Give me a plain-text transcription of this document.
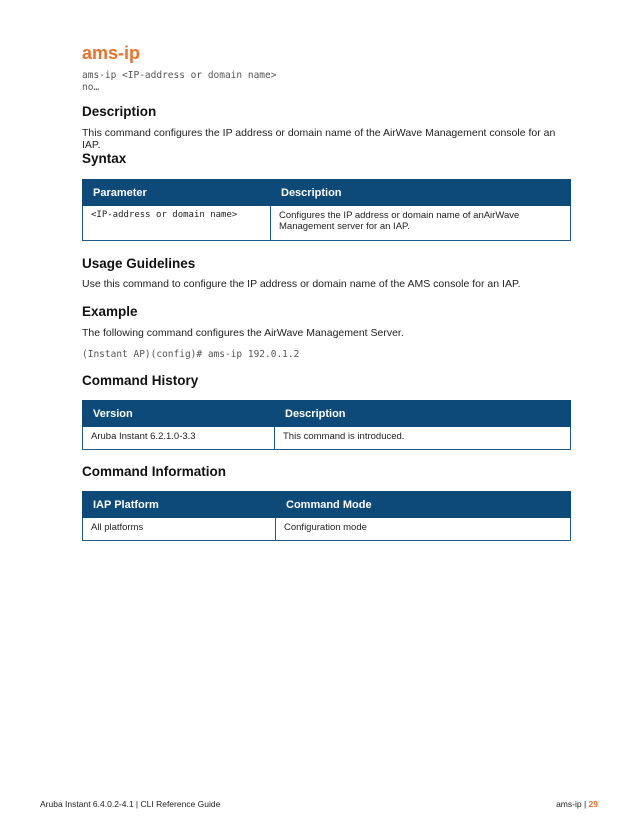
ams-ip
ams-ip <IP-address or domain name>
no…
Description

This command configures the IP address or domain name of the AirWave Management console for an IAP.

Syntax
Parameter	Description
<IP-address or domain name>	Configures the IP address or domain name of anAirWave Management server for an IAP.
Usage Guidelines

Use this command to configure the IP address or domain name of the AMS console for an IAP.

Example

The following command configures the AirWave Management Server.

(Instant AP)(config)# ams-ip 192.0.1.2
Command History
Version	Description
Aruba Instant 6.2.1.0-3.3	This command is introduced.
Command Information
IAP Platform	Command Mode
All platforms	Configuration mode
Aruba Instant 6.4.0.2-4.1 | CLI Reference Guide	ams-ip | 29
